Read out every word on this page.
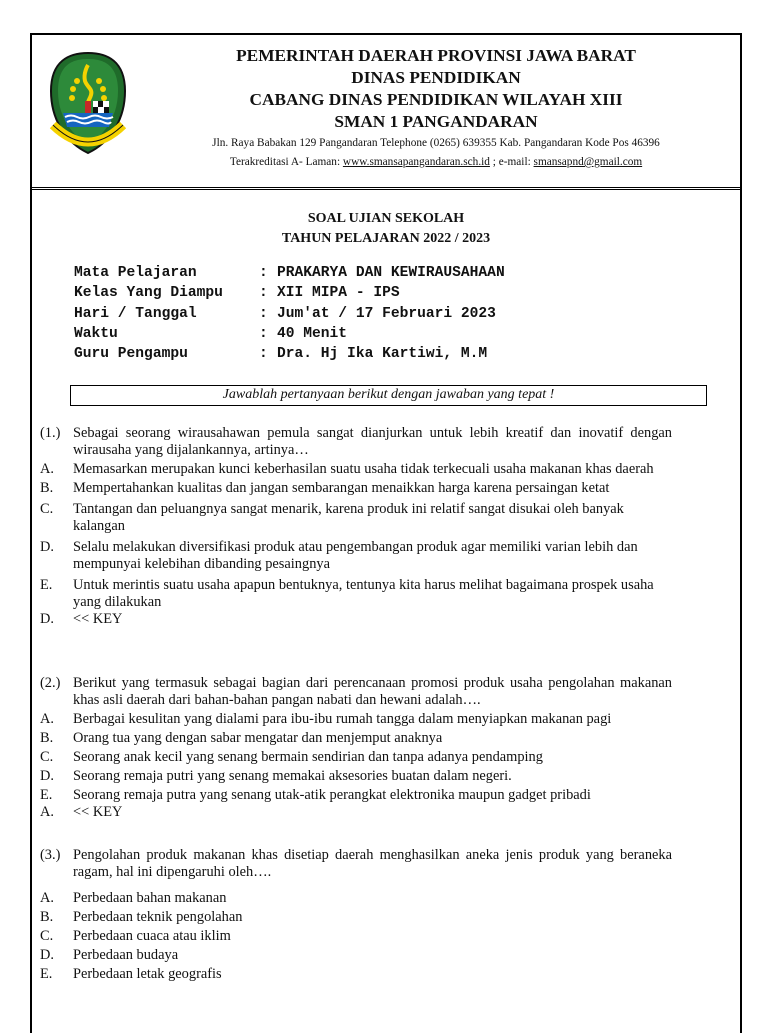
PEMERINTAH DAERAH PROVINSI JAWA BARAT
DINAS PENDIDIKAN
CABANG DINAS PENDIDIKAN WILAYAH XIII
SMAN 1 PANGANDARAN
Jln. Raya Babakan 129 Pangandaran Telephone (0265) 639355 Kab. Pangandaran Kode Pos 46396
Terakreditasi A- Laman: www.smansapangandaran.sch.id ; e-mail: smansapnd@gmail.com
SOAL UJIAN SEKOLAH
TAHUN PELAJARAN 2022 / 2023
Mata Pelajaran	: PRAKARYA DAN KEWIRAUSAHAAN
Kelas Yang Diampu	: XII MIPA - IPS
Hari / Tanggal	: Jum'at / 17 Februari 2023
Waktu	: 40 Menit
Guru Pengampu	: Dra. Hj Ika Kartiwi, M.M
Jawablah pertanyaan berikut dengan jawaban yang tepat !
(1.) Sebagai seorang wirausahawan pemula sangat dianjurkan untuk lebih kreatif dan inovatif dengan wirausaha yang dijalankannya, artinya…
A.	Memasarkan merupakan kunci keberhasilan suatu usaha tidak terkecuali usaha makanan khas daerah
B.	Mempertahankan kualitas dan jangan sembarangan menaikkan harga karena persaingan ketat
C.	Tantangan dan peluangnya sangat menarik, karena produk ini relatif sangat disukai oleh banyak kalangan
D.	Selalu melakukan diversifikasi produk atau pengembangan produk agar memiliki varian lebih dan mempunyai kelebihan dibanding pesaingnya
E.	Untuk merintis suatu usaha apapun bentuknya, tentunya kita harus melihat bagaimana prospek usaha yang dilakukan
D.	<< KEY
(2.) Berikut yang termasuk sebagai bagian dari perencanaan promosi produk usaha pengolahan makanan khas asli daerah dari bahan-bahan pangan nabati dan hewani adalah….
A.	Berbagai kesulitan yang dialami para ibu-ibu rumah tangga dalam menyiapkan makanan pagi
B.	Orang tua yang dengan sabar mengatar dan menjemput anaknya
C.	Seorang anak kecil yang senang bermain sendirian dan tanpa adanya pendamping
D.	Seorang remaja putri yang senang memakai aksesories buatan dalam negeri.
E.	Seorang remaja putra yang senang utak-atik perangkat elektronika maupun gadget pribadi
A.	<< KEY
(3.) Pengolahan produk makanan khas disetiap daerah menghasilkan aneka jenis produk yang beraneka ragam, hal ini dipengaruhi oleh….
A.	Perbedaan bahan makanan
B.	Perbedaan teknik pengolahan
C.	Perbedaan cuaca atau iklim
D.	Perbedaan budaya
E.	Perbedaan letak geografis
